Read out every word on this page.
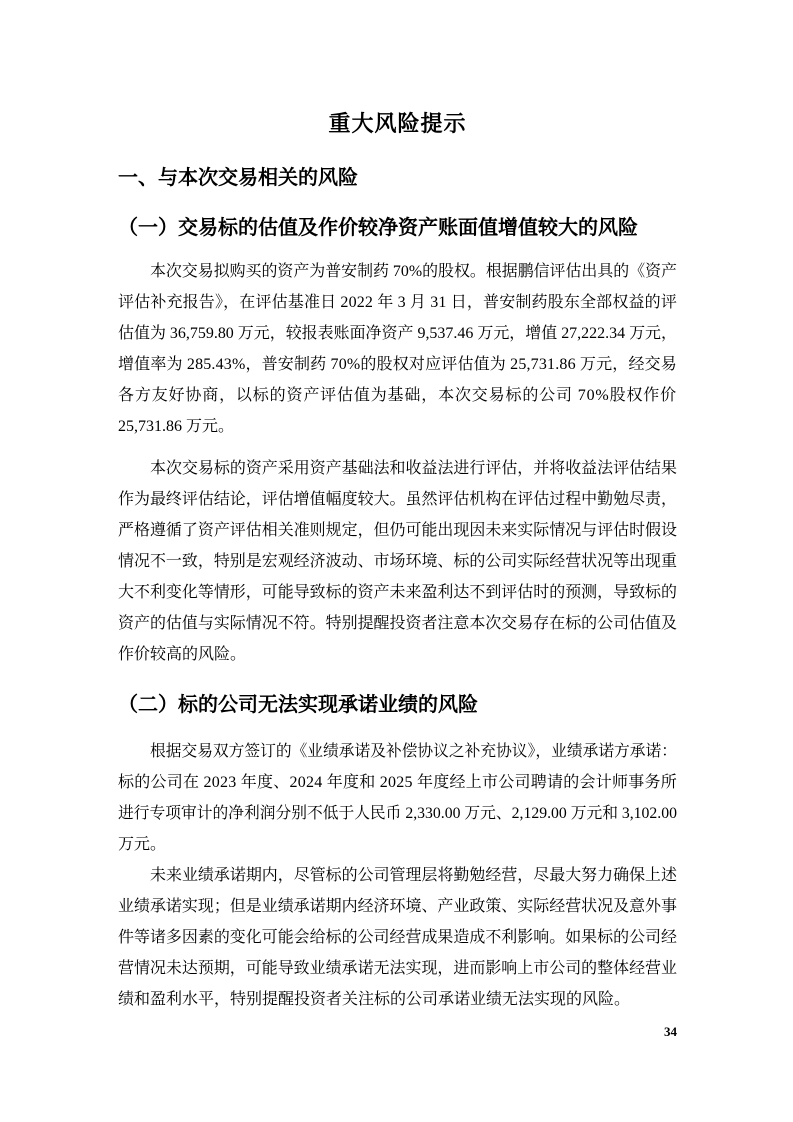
重大风险提示
一、与本次交易相关的风险
（一）交易标的估值及作价较净资产账面值增值较大的风险
本次交易拟购买的资产为普安制药 70%的股权。根据鹏信评估出具的《资产
评估补充报告》，在评估基准日 2022 年 3 月 31 日，普安制药股东全部权益的评
估值为 36,759.80 万元，较报表账面净资产 9,537.46 万元，增值 27,222.34 万元，
增值率为 285.43%，普安制药 70%的股权对应评估值为 25,731.86 万元，经交易
各方友好协商，以标的资产评估值为基础，本次交易标的公司 70%股权作价
25,731.86 万元。
本次交易标的资产采用资产基础法和收益法进行评估，并将收益法评估结果
作为最终评估结论，评估增值幅度较大。虽然评估机构在评估过程中勤勉尽责，
严格遵循了资产评估相关准则规定，但仍可能出现因未来实际情况与评估时假设
情况不一致，特别是宏观经济波动、市场环境、标的公司实际经营状况等出现重
大不利变化等情形，可能导致标的资产未来盈利达不到评估时的预测，导致标的
资产的估值与实际情况不符。特别提醒投资者注意本次交易存在标的公司估值及
作价较高的风险。
（二）标的公司无法实现承诺业绩的风险
根据交易双方签订的《业绩承诺及补偿协议之补充协议》，业绩承诺方承诺：
标的公司在 2023 年度、2024 年度和 2025 年度经上市公司聘请的会计师事务所
进行专项审计的净利润分别不低于人民币 2,330.00 万元、2,129.00 万元和 3,102.00
万元。
未来业绩承诺期内，尽管标的公司管理层将勤勉经营，尽最大努力确保上述
业绩承诺实现；但是业绩承诺期内经济环境、产业政策、实际经营状况及意外事
件等诸多因素的变化可能会给标的公司经营成果造成不利影响。如果标的公司经
营情况未达预期，可能导致业绩承诺无法实现，进而影响上市公司的整体经营业
绩和盈利水平，特别提醒投资者关注标的公司承诺业绩无法实现的风险。
34
